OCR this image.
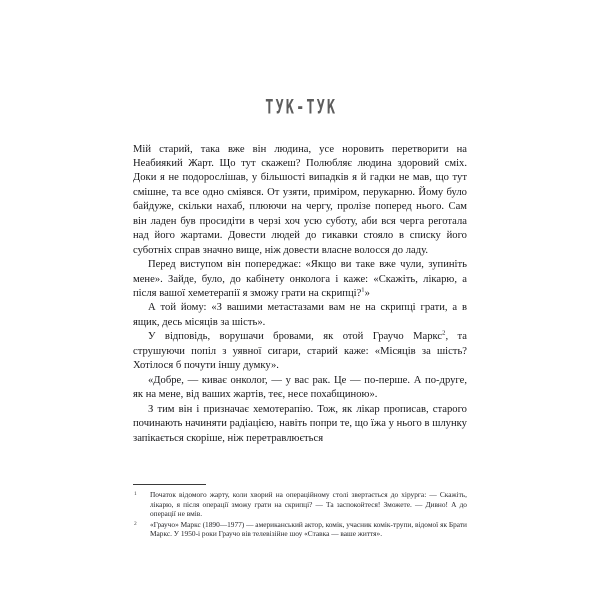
ТУК-ТУК

Мій старий, така вже він людина, усе норовить перетворити на Неабиякий Жарт. Що тут скажеш? Полюбляє людина здоровий сміх. Доки я не подорослішав, у більшості випадків я й гадки не мав, що тут смішне, та все одно сміявся. От узяти, приміром, перукарню. Йому було байдуже, скільки нахаб, плюючи на чергу, пролізе поперед нього. Сам він ладен був просидіти в черзі хоч усю суботу, аби вся черга реготала над його жартами. Довести людей до гикавки стояло в списку його суботніх справ значно вище, ніж довести власне волосся до ладу.

Перед виступом він попереджає: «Якщо ви таке вже чули, зупиніть мене». Зайде, було, до кабінету онколога і каже: «Скажіть, лікарю, а після вашої хеметерапії я зможу грати на скрипці?$^1$»

А той йому: «З вашими метастазами вам не на скрипці грати, а в ящик, десь місяців за шість».

У відповідь, ворушачи бровами, як отой Граучо Маркс$^2$, та струшуючи попіл з уявної сигари, старий каже: «Місяців за шість? Хотілося б почути іншу думку».

«Добре, — киває онколог, — у вас рак. Це — по-перше. А по-друге, як на мене, від ваших жартів, теє, несе похабщиною».

З тим він і призначає хемотерапію. Тож, як лікар прописав, старого починають начиняти радіацією, навіть попри те, що їжа у нього в шлунку запікається скоріше, ніж перетравлюється

1	Початок відомого жарту, коли хворий на операційному столі звертається до хірурга: — Скажіть, лікарю, я після операції зможу грати на скрипці? — Та заспокойтеся! Зможете. — Дивно! А до операції не вмів.
2	«Граучо» Маркс (1890—1977) — американський актор, комік, учасник комік-трупи, відомої як Брати Маркс. У 1950-і роки Граучо вів телевізійне шоу «Ставка — ваше життя».
